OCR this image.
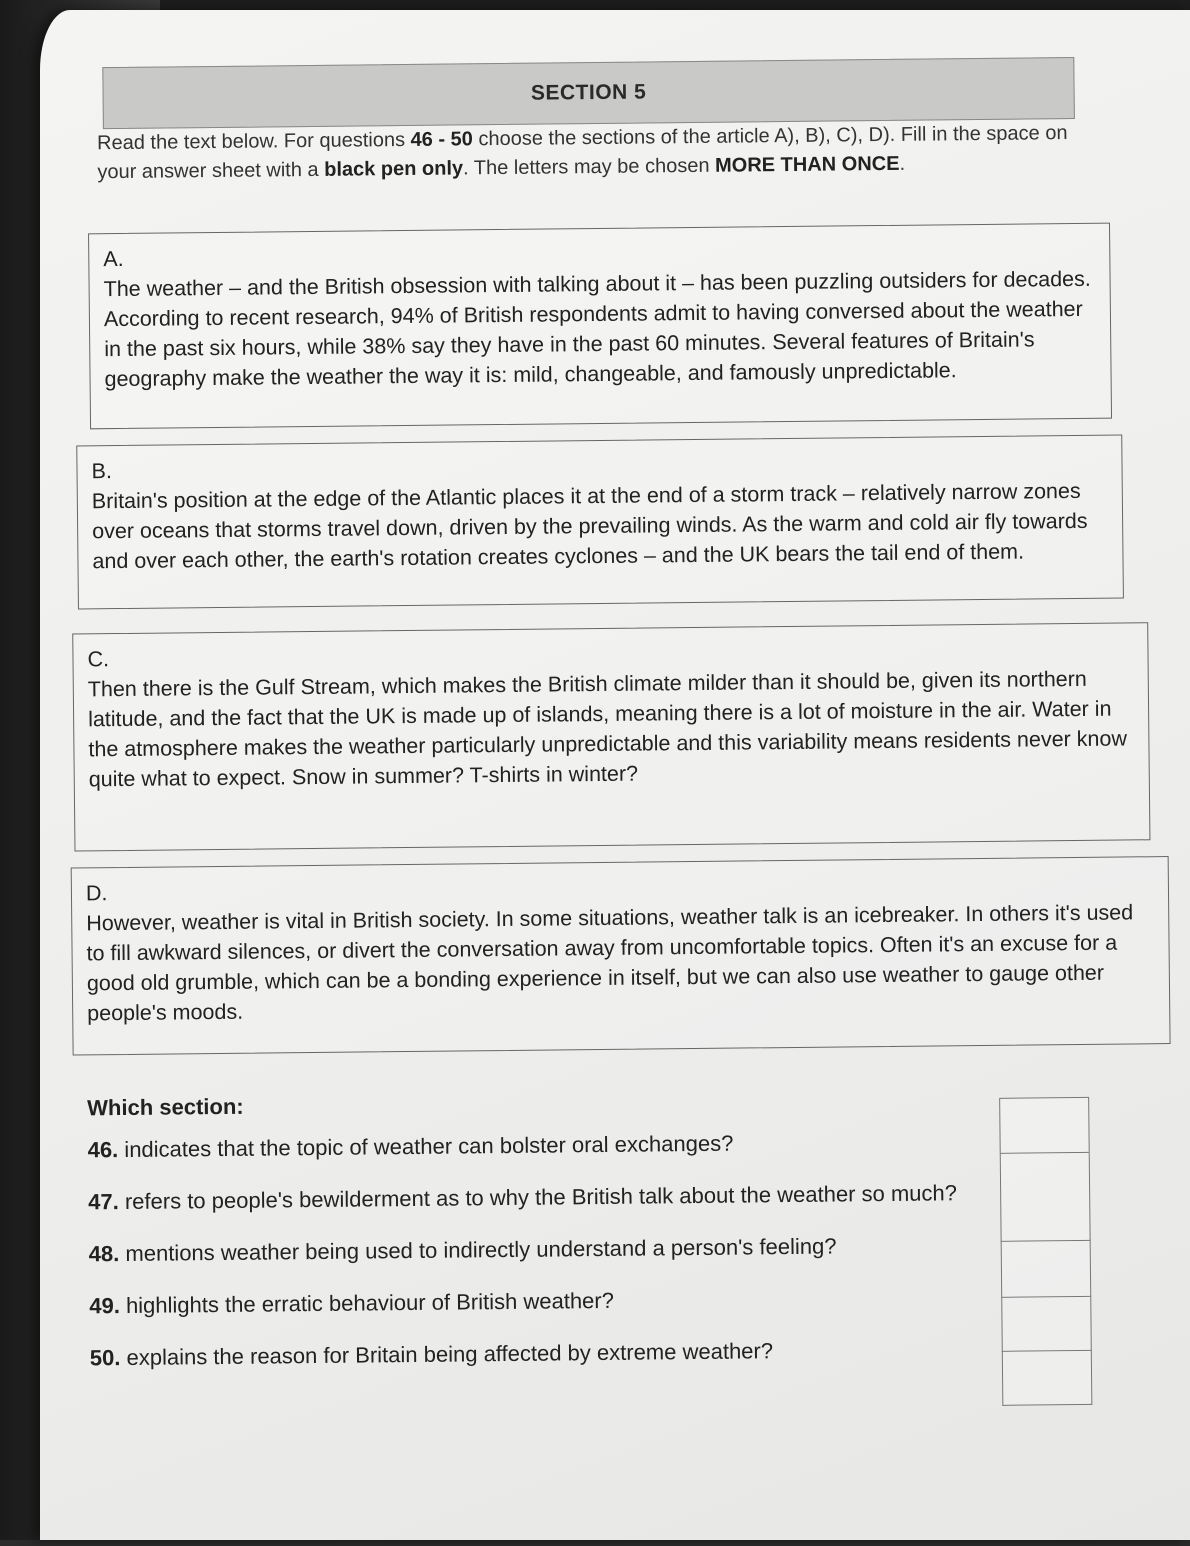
SECTION 5
Read the text below. For questions 46 - 50 choose the sections of the article A), B), C), D). Fill in the space on your answer sheet with a black pen only. The letters may be chosen MORE THAN ONCE.
A.
The weather – and the British obsession with talking about it – has been puzzling outsiders for decades. According to recent research, 94% of British respondents admit to having conversed about the weather in the past six hours, while 38% say they have in the past 60 minutes. Several features of Britain's geography make the weather the way it is: mild, changeable, and famously unpredictable.
B.
Britain's position at the edge of the Atlantic places it at the end of a storm track – relatively narrow zones over oceans that storms travel down, driven by the prevailing winds. As the warm and cold air fly towards and over each other, the earth's rotation creates cyclones – and the UK bears the tail end of them.
C.
Then there is the Gulf Stream, which makes the British climate milder than it should be, given its northern latitude, and the fact that the UK is made up of islands, meaning there is a lot of moisture in the air. Water in the atmosphere makes the weather particularly unpredictable and this variability means residents never know quite what to expect. Snow in summer? T-shirts in winter?
D.
However, weather is vital in British society. In some situations, weather talk is an icebreaker. In others it's used to fill awkward silences, or divert the conversation away from uncomfortable topics. Often it's an excuse for a good old grumble, which can be a bonding experience in itself, but we can also use weather to gauge other people's moods.
Which section:
46. indicates that the topic of weather can bolster oral exchanges?
47. refers to people's bewilderment as to why the British talk about the weather so much?
48. mentions weather being used to indirectly understand a person's feeling?
49. highlights the erratic behaviour of British weather?
50. explains the reason for Britain being affected by extreme weather?
